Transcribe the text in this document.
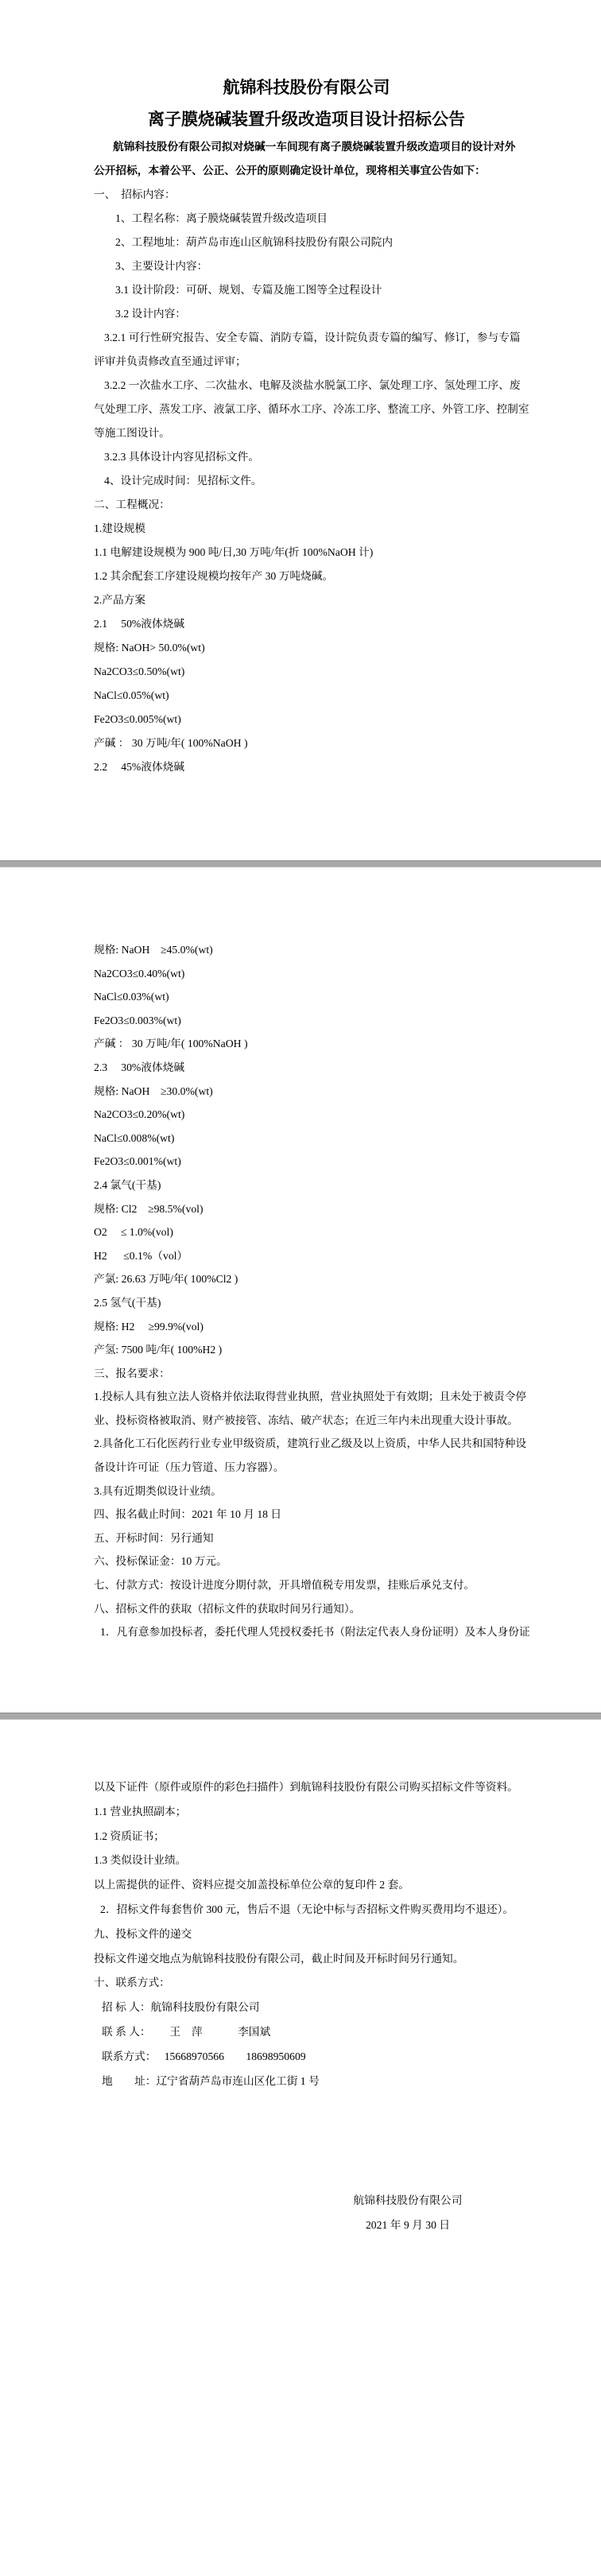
航锦科技股份有限公司
离子膜烧碱装置升级改造项目设计招标公告
航锦科技股份有限公司拟对烧碱一车间现有离子膜烧碱装置升级改造项目的设计对外
公开招标，本着公平、公正、公开的原则确定设计单位，现将相关事宜公告如下：
一、　招标内容：
1、工程名称：离子膜烧碱装置升级改造项目
2、工程地址：葫芦岛市连山区航锦科技股份有限公司院内
3、主要设计内容：
3.1 设计阶段：可研、规划、专篇及施工图等全过程设计
3.2 设计内容：
3.2.1 可行性研究报告、安全专篇、消防专篇，设计院负责专篇的编写、修订，参与专篇
评审并负责修改直至通过评审；
3.2.2 一次盐水工序、二次盐水、电解及淡盐水脱氯工序、氯处理工序、氢处理工序、废
气处理工序、蒸发工序、液氯工序、循环水工序、冷冻工序、整流工序、外管工序、控制室
等施工图设计。
3.2.3 具体设计内容见招标文件。
4、设计完成时间：见招标文件。
二、工程概况：
1.建设规模
1.1 电解建设规模为 900 吨/日,30 万吨/年(折 100%NaOH 计)
1.2 其余配套工序建设规模均按年产 30 万吨烧碱。
2.产品方案
2.1　 50%液体烧碱
规格: NaOH> 50.0%(wt)
Na2CO3≤0.50%(wt)
NaCl≤0.05%(wt)
Fe2O3≤0.005%(wt)
产碱 ： 30 万吨/年( 100%NaOH )
2.2　 45%液体烧碱
规格: NaOH　≥45.0%(wt)
Na2CO3≤0.40%(wt)
NaCl≤0.03%(wt)
Fe2O3≤0.003%(wt)
产碱 ： 30 万吨/年( 100%NaOH )
2.3　 30%液体烧碱
规格: NaOH　≥30.0%(wt)
Na2CO3≤0.20%(wt)
NaCl≤0.008%(wt)
Fe2O3≤0.001%(wt)
2.4 氯气(干基)
规格: Cl2　≥98.5%(vol)
O2　 ≤ 1.0%(vol)
H2 　 ≤0.1%（vol）
产氯: 26.63 万吨/年( 100%Cl2 )
2.5 氢气(干基)
规格: H2　 ≥99.9%(vol)
产氢: 7500 吨/年( 100%H2 )
三、报名要求：
1.投标人具有独立法人资格并依法取得营业执照，营业执照处于有效期；且未处于被责令停
业、投标资格被取消、财产被接管、冻结、破产状态；在近三年内未出现重大设计事故。
2.具备化工石化医药行业专业甲级资质，建筑行业乙级及以上资质，中华人民共和国特种设
备设计许可证（压力管道、压力容器）。
3.具有近期类似设计业绩。
四、报名截止时间：2021 年 10 月 18 日
五、开标时间：另行通知
六、投标保证金：10 万元。
七、付款方式：按设计进度分期付款，开具增值税专用发票，挂账后承兑支付。
八、招标文件的获取（招标文件的获取时间另行通知）。
1．凡有意参加投标者，委托代理人凭授权委托书（附法定代表人身份证明）及本人身份证
以及下证件（原件或原件的彩色扫描件）到航锦科技股份有限公司购买招标文件等资料。
1.1 营业执照副本；
1.2 资质证书；
1.3 类似设计业绩。
以上需提供的证件、资料应提交加盖投标单位公章的复印件 2 套。
2．招标文件每套售价 300 元，售后不退（无论中标与否招标文件购买费用均不退还）。
九、投标文件的递交
投标文件递交地点为航锦科技股份有限公司，截止时间及开标时间另行通知。
十、联系方式：
招 标 人：航锦科技股份有限公司
联 系 人：　　 王　萍　　　 李国斌
联系方式：　 15668970566　　18698950609
地　　址：辽宁省葫芦岛市连山区化工街 1 号
航锦科技股份有限公司
2021 年 9 月 30 日
